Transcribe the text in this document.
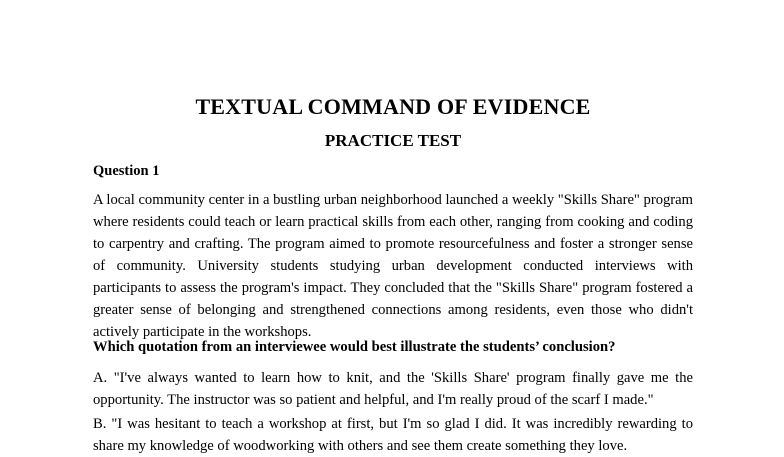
TEXTUAL COMMAND OF EVIDENCE
PRACTICE TEST
Question 1

A local community center in a bustling urban neighborhood launched a weekly "Skills Share" program where residents could teach or learn practical skills from each other, ranging from cooking and coding to carpentry and crafting. The program aimed to promote resourcefulness and foster a stronger sense of community. University students studying urban development conducted interviews with participants to assess the program's impact. They concluded that the "Skills Share" program fostered a greater sense of belonging and strengthened connections among residents, even those who didn't actively participate in the workshops.

Which quotation from an interviewee would best illustrate the students’ conclusion?

A. "I've always wanted to learn how to knit, and the 'Skills Share' program finally gave me the opportunity. The instructor was so patient and helpful, and I'm really proud of the scarf I made."

B. "I was hesitant to teach a workshop at first, but I'm so glad I did. It was incredibly rewarding to share my knowledge of woodworking with others and see them create something they love.
